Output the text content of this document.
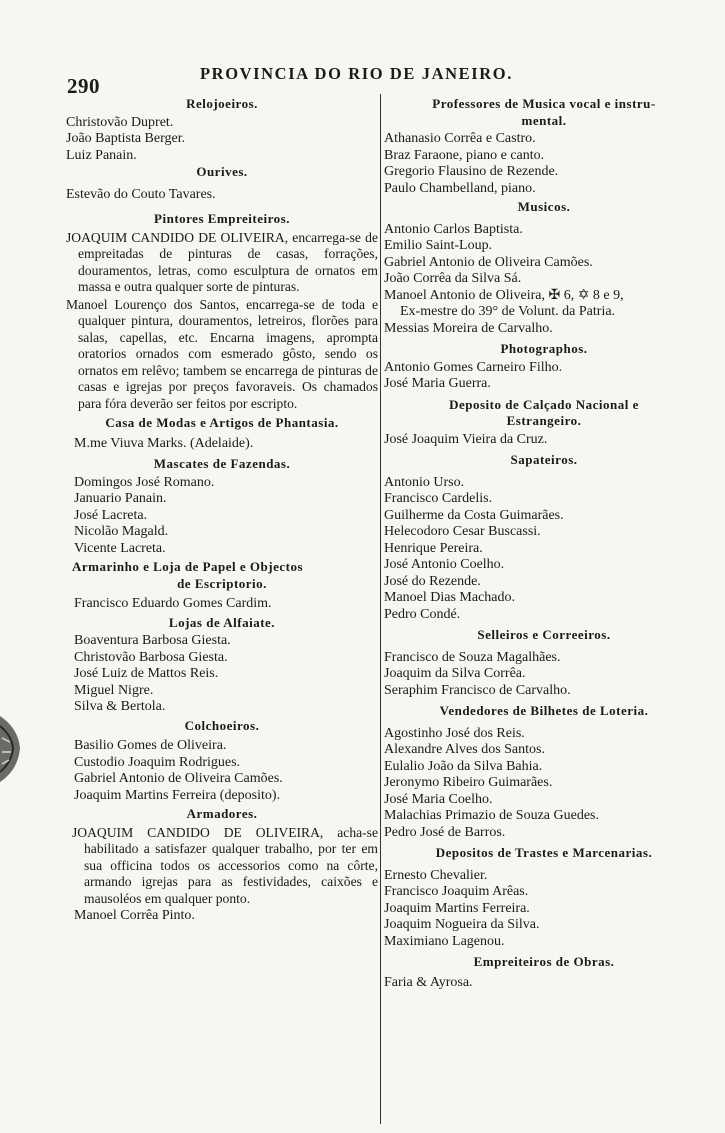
290
PROVINCIA DO RIO DE JANEIRO.
Relojoeiros.
Christovão Dupret.
João Baptista Berger.
Luiz Panain.
Ourives.
Estevão do Couto Tavares.
Pintores Empreiteiros.

JOAQUIM CANDIDO DE OLIVEIRA, encarrega-se de empreitadas de pinturas de casas, forrações, douramentos, letras, como esculptura de ornatos em massa e outra qualquer sorte de pinturas.

Manoel Lourenço dos Santos, encarrega-se de toda e qualquer pintura, douramentos, letreiros, florões para salas, capellas, etc. Encarna imagens, aprompta oratorios ornados com esmerado gôsto, sendo os ornatos em relêvo; tambem se encarrega de pinturas de casas e igrejas por preços favoraveis. Os chamados para fóra deverão ser feitos por escripto.

Casa de Modas e Artigos de Phantasia.
M.me Viuva Marks. (Adelaide).
Mascates de Fazendas.
Domingos José Romano.
Januario Panain.
José Lacreta.
Nicolão Magald.
Vicente Lacreta.
Armarinho e Loja de Papel e Objectos
de Escriptorio.
Francisco Eduardo Gomes Cardim.
Lojas de Alfaiate.
Boaventura Barbosa Giesta.
Christovão Barbosa Giesta.
José Luiz de Mattos Reis.
Miguel Nigre.
Silva & Bertola.
Colchoeiros.
Basilio Gomes de Oliveira.
Custodio Joaquim Rodrigues.
Gabriel Antonio de Oliveira Camões.
Joaquim Martins Ferreira (deposito).
Armadores.

JOAQUIM CANDIDO DE OLIVEIRA, acha-se habilitado a satisfazer qualquer trabalho, por ter em sua officina todos os accessorios como na côrte, armando igrejas para as festividades, caixões e mausoléos em qualquer ponto.

Manoel Corrêa Pinto.
Professores de Musica vocal e instru-
mental.
Athanasio Corrêa e Castro.
Braz Faraone, piano e canto.
Gregorio Flausino de Rezende.
Paulo Chambelland, piano.
Musicos.
Antonio Carlos Baptista.
Emilio Saint-Loup.
Gabriel Antonio de Oliveira Camões.
João Corrêa da Silva Sá.
Manoel Antonio de Oliveira, ✠ 6, ✡ 8 e 9,
Ex-mestre do 39° de Volunt. da Patria.
Messias Moreira de Carvalho.
Photographos.
Antonio Gomes Carneiro Filho.
José Maria Guerra.
Deposito de Calçado Nacional e
Estrangeiro.
José Joaquim Vieira da Cruz.
Sapateiros.
Antonio Urso.
Francisco Cardelis.
Guilherme da Costa Guimarães.
Helecodoro Cesar Buscassi.
Henrique Pereira.
José Antonio Coelho.
José do Rezende.
Manoel Dias Machado.
Pedro Condé.
Selleiros e Correeiros.
Francisco de Souza Magalhães.
Joaquim da Silva Corrêa.
Seraphim Francisco de Carvalho.
Vendedores de Bilhetes de Loteria.
Agostinho José dos Reis.
Alexandre Alves dos Santos.
Eulalio João da Silva Bahia.
Jeronymo Ribeiro Guimarães.
José Maria Coelho.
Malachias Primazio de Souza Guedes.
Pedro José de Barros.
Depositos de Trastes e Marcenarias.
Ernesto Chevalier.
Francisco Joaquim Arêas.
Joaquim Martins Ferreira.
Joaquim Nogueira da Silva.
Maximiano Lagenou.
Empreiteiros de Obras.
Faria & Ayrosa.
